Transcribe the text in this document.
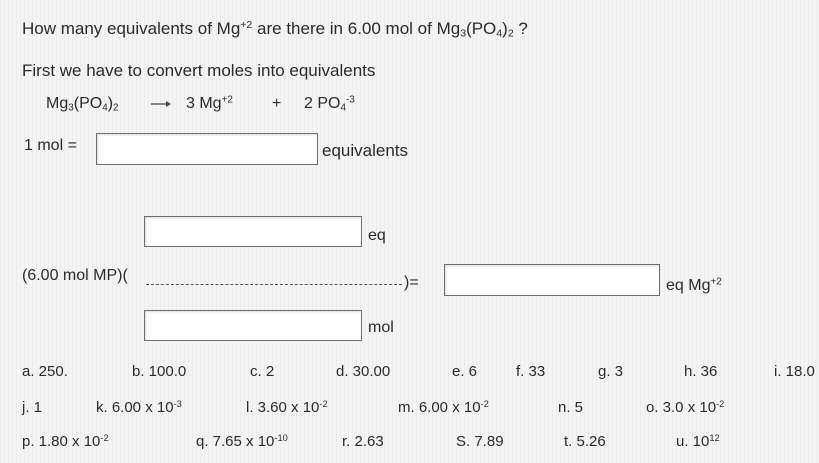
How many equivalents of $Mg^{+2}$ are there in 6.00 mol of $Mg_3(PO_4)_2$ ?
First we have to convert moles into equivalents
$Mg_3(PO_4)_2 \to 3$ $Mg^{+2} + 2$ $PO_4^{-3}$
1 mol =	equivalents
eq
(6.00 mol MP)(	)=	eq $Mg^{+2}$
mol
a. 250.	b. 100.0	c. 2	d. 30.00	e. 6	f. 33	g. 3	h. 36	i. 18.0
j. 1	k. 6.00 x $10^{-3}$	l. 3.60 x $10^{-2}$	m. 6.00 x $10^{-2}$	n. 5	o. 3.0 x $10^{-2}$
p. 1.80 x $10^{-2}$	q. 7.65 x $10^{-10}$	r. 2.63	S. 7.89	t. 5.26	u. $10^{12}$
